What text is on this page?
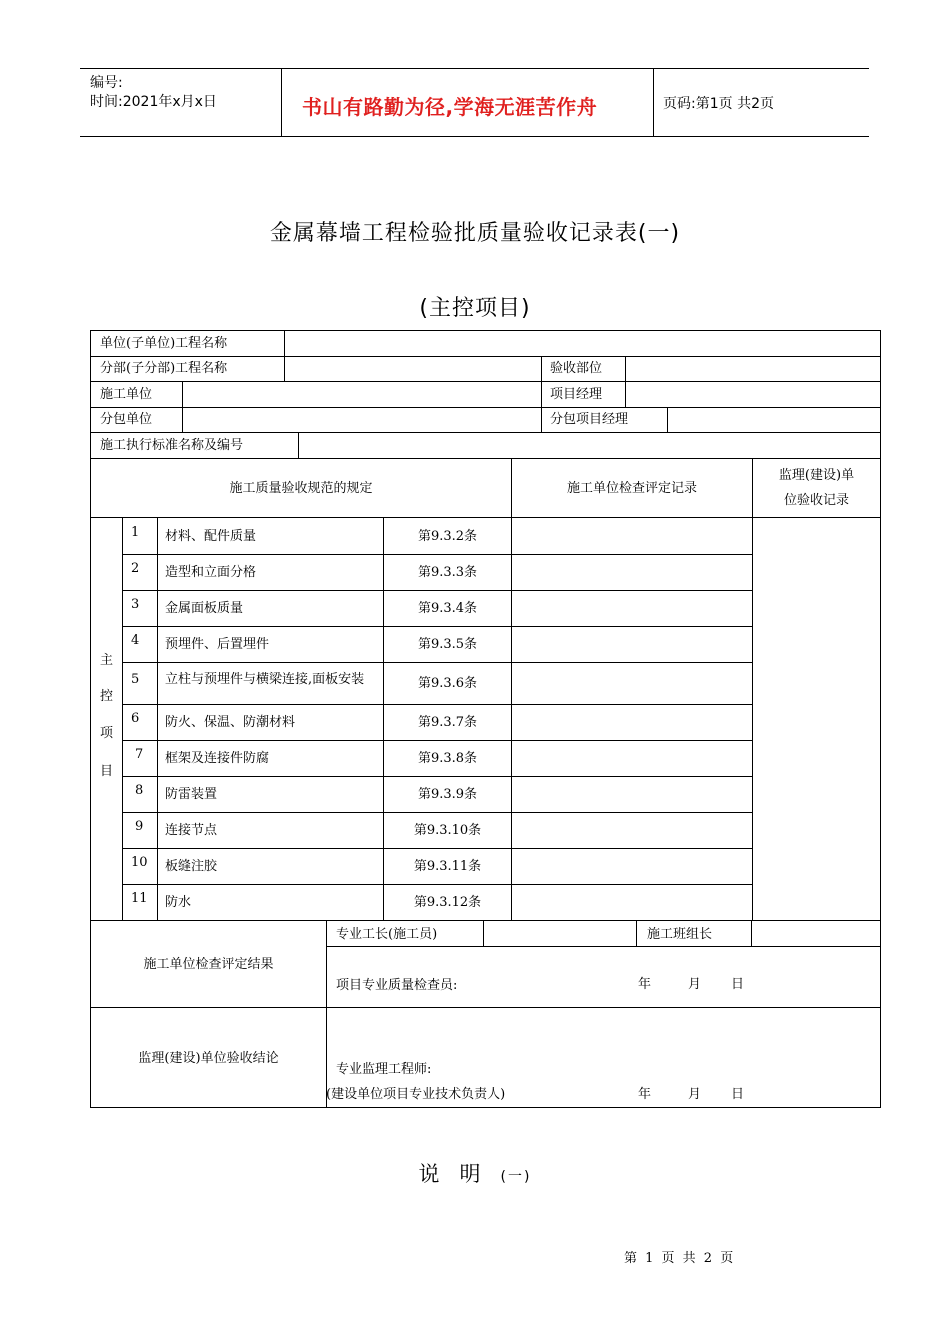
编号:
时间:2021年x月x日	书山有路勤为径,学海无涯苦作舟	页码:第1页 共2页
金属幕墙工程检验批质量验收记录表(一)
(主控项目)
单位(子单位)工程名称
分部(子分部)工程名称	验收部位
施工单位	项目经理
分包单位	分包项目经理
施工执行标准名称及编号
施工质量验收规范的规定	施工单位检查评定记录
监理(建设)单
位验收记录
主
控
项
目
1 材料、配件质量	第9.3.2条
2 造型和立面分格	第9.3.3条
3 金属面板质量	第9.3.4条
4 预埋件、后置埋件	第9.3.5条
5 立柱与预埋件与横梁连接,面板安装	第9.3.6条
6 防火、保温、防潮材料	第9.3.7条
7 框架及连接件防腐	第9.3.8条
8 防雷装置	第9.3.9条
9 连接节点	第9.3.10条
10 板缝注胶	第9.3.11条
11 防水	第9.3.12条
施工单位检查评定结果
专业工长(施工员)	施工班组长
项目专业质量检查员:	年	月 日
监理(建设)单位验收结论
专业监理工程师:
(建设单位项目专业技术负责人)	年	月 日
说明(一)
第 1 页 共 2 页
